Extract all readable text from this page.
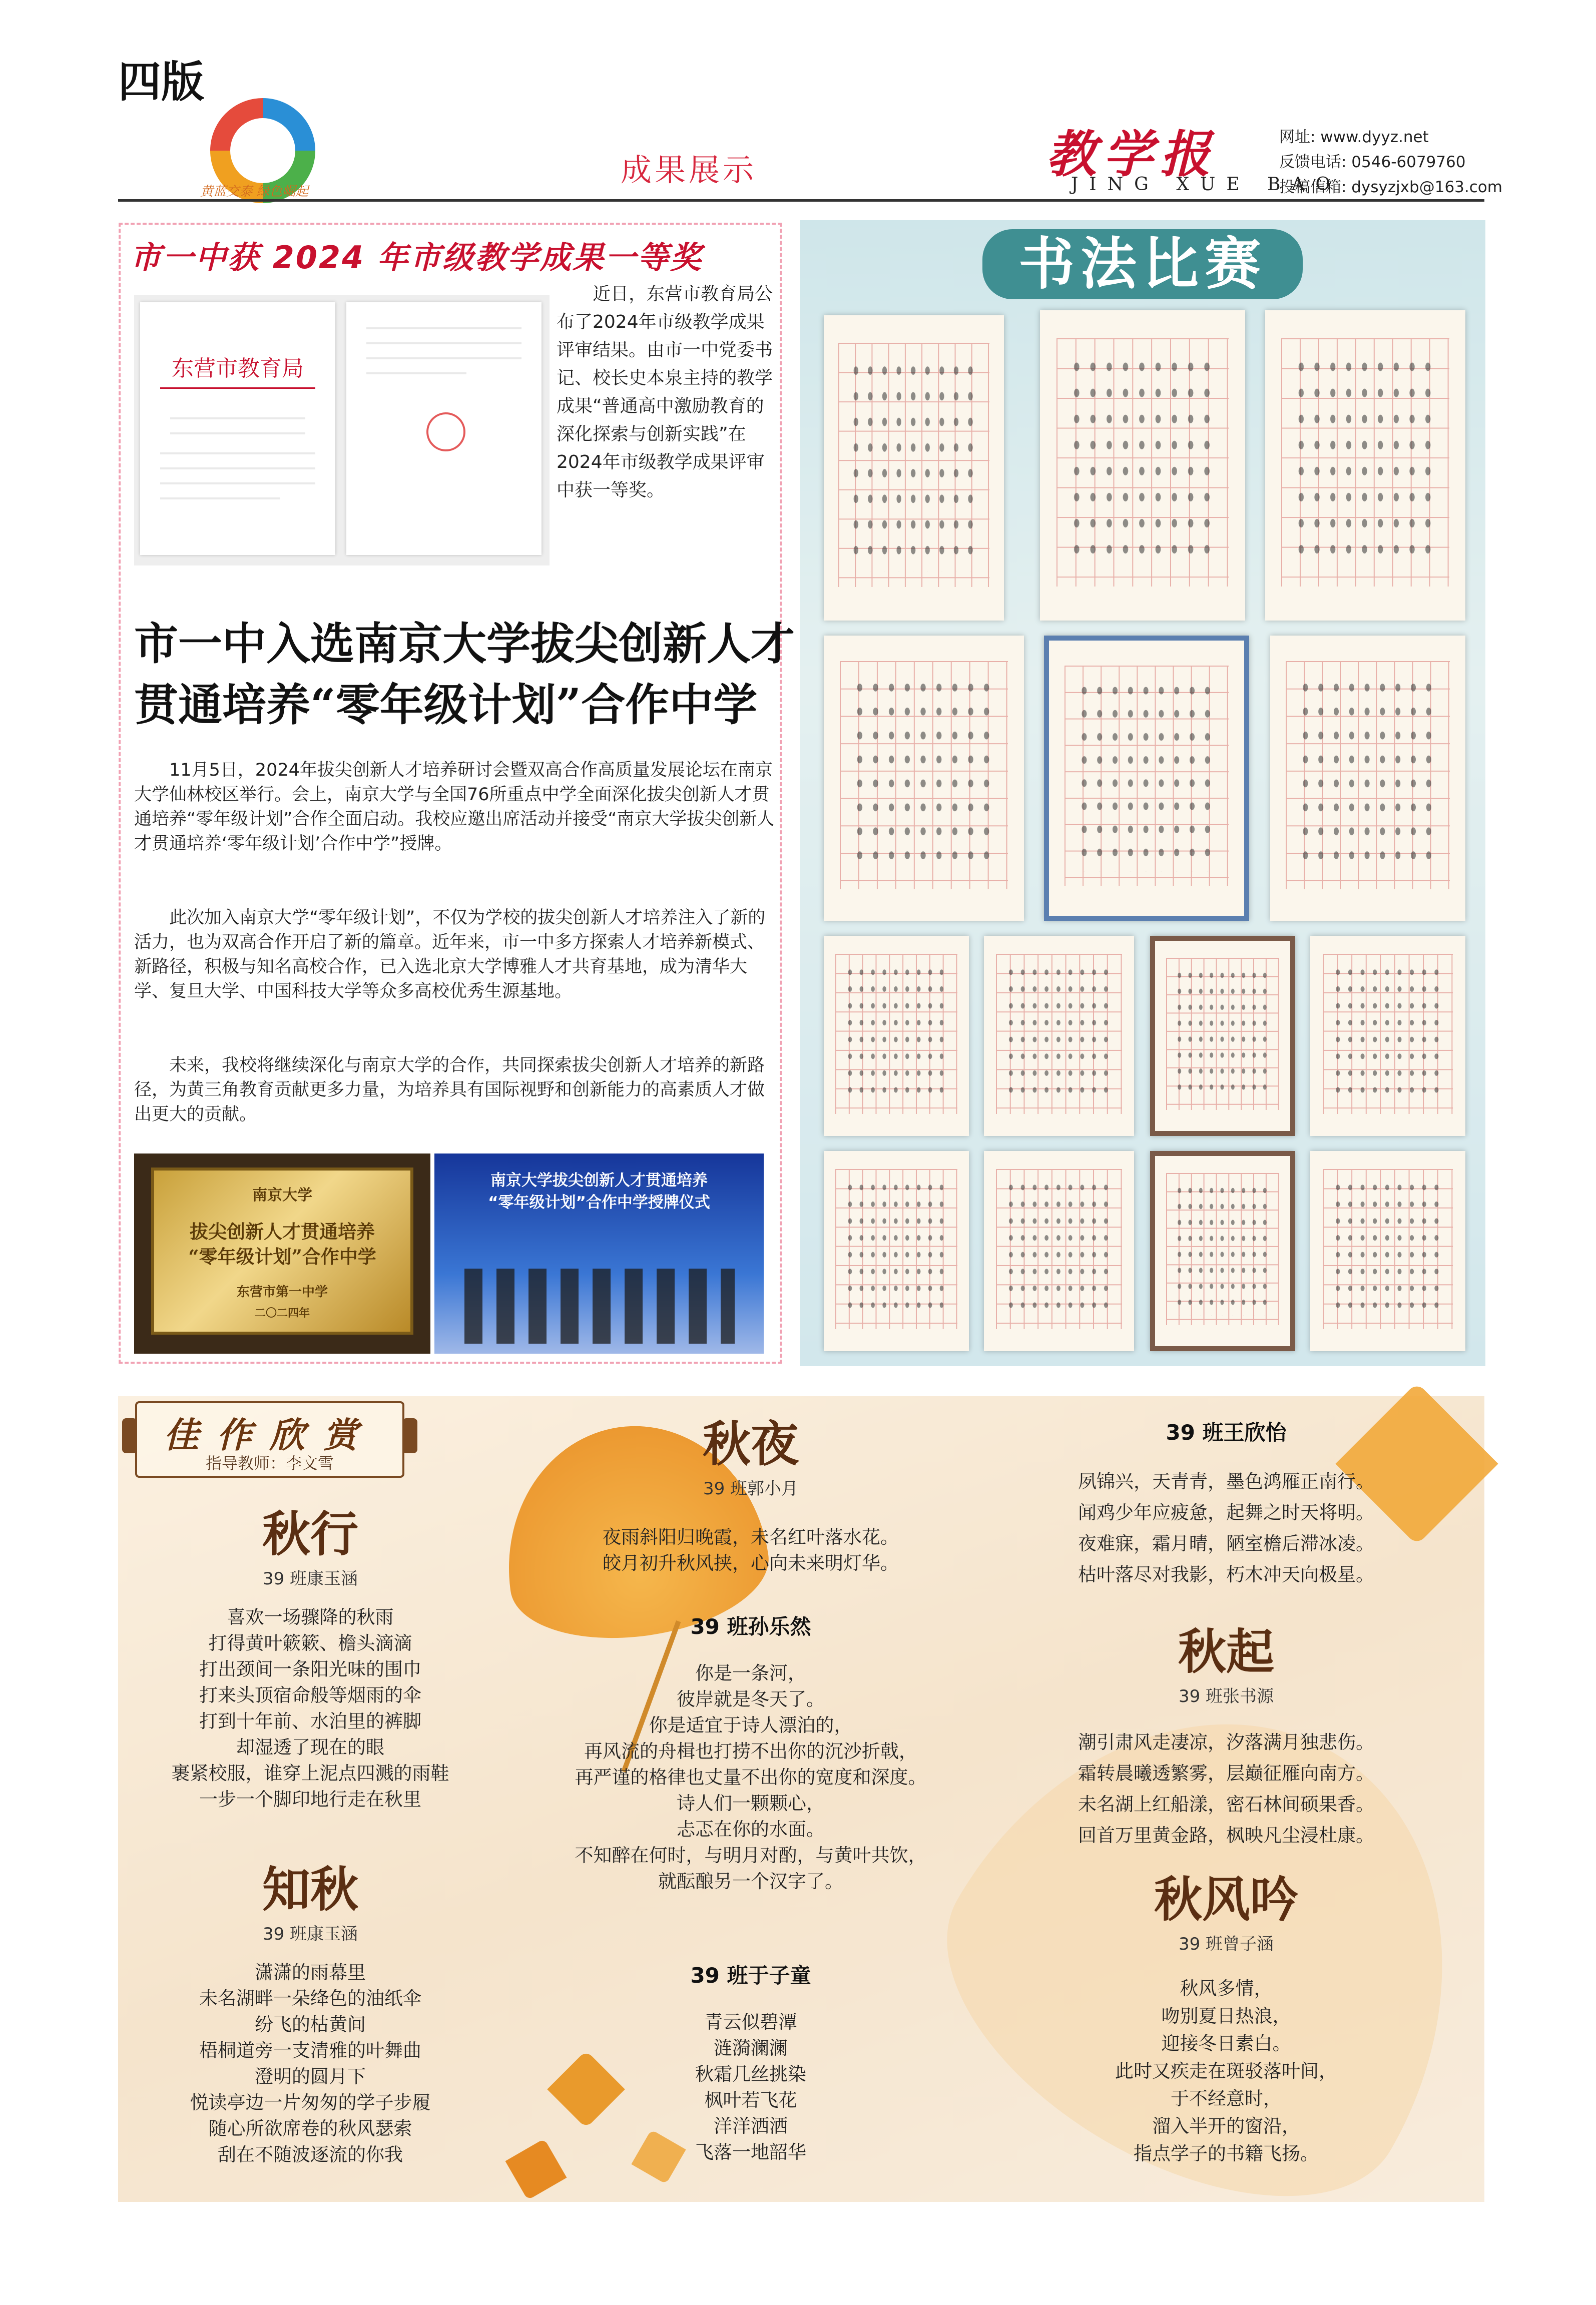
四版
黄蓝交泰 绿色崛起
成果展示	教学报
JING XUE BAO
网址: www.dyyz.net
反馈电话: 0546-6079760
投稿信箱: dysyzjxb@163.com
市一中获 2024 年市级教学成果一等奖
东营市教育局
近日，东营市教育局公布了2024年市级教学成果评审结果。由市一中党委书记、校长史本泉主持的教学成果“普通高中激励教育的深化探索与创新实践”在2024年市级教学成果评审中获一等奖。
市一中入选南京大学拔尖创新人才
贯通培养“零年级计划”合作中学
11月5日，2024年拔尖创新人才培养研讨会暨双高合作高质量发展论坛在南京大学仙林校区举行。会上，南京大学与全国76所重点中学全面深化拔尖创新人才贯通培养“零年级计划”合作全面启动。我校应邀出席活动并接受“南京大学拔尖创新人才贯通培养‘零年级计划’合作中学”授牌。
此次加入南京大学“零年级计划”，不仅为学校的拔尖创新人才培养注入了新的活力，也为双高合作开启了新的篇章。近年来，市一中多方探索人才培养新模式、新路径，积极与知名高校合作，已入选北京大学博雅人才共育基地，成为清华大学、复旦大学、中国科技大学等众多高校优秀生源基地。
未来，我校将继续深化与南京大学的合作，共同探索拔尖创新人才培养的新路径，为黄三角教育贡献更多力量，为培养具有国际视野和创新能力的高素质人才做出更大的贡献。
南京大学
拔尖创新人才贯通培养
“零年级计划”合作中学
东营市第一中学
二〇二四年
南京大学拔尖创新人才贯通培养
“零年级计划”合作中学授牌仪式
书法比赛
佳作欣赏
指导教师：李文雪
秋行
39 班康玉涵
喜欢一场骤降的秋雨
打得黄叶簌簌、檐头滴滴
打出颈间一条阳光味的围巾
打来头顶宿命般等烟雨的伞
打到十年前、水泊里的裤脚
却湿透了现在的眼
裹紧校服，谁穿上泥点四溅的雨鞋
一步一个脚印地行走在秋里
知秋
39 班康玉涵
潇潇的雨幕里
未名湖畔一朵绛色的油纸伞
纷飞的枯黄间
梧桐道旁一支清雅的叶舞曲
澄明的圆月下
悦读亭边一片匆匆的学子步履
随心所欲席卷的秋风瑟索
刮在不随波逐流的你我
秋夜
39 班郭小月
夜雨斜阳归晚霞，未名红叶落水花。
皎月初升秋风挟，心向未来明灯华。
39 班孙乐然
你是一条河，
彼岸就是冬天了。
你是适宜于诗人漂泊的，
再风流的舟楫也打捞不出你的沉沙折戟，
再严谨的格律也丈量不出你的宽度和深度。
诗人们一颗颗心，
忐忑在你的水面。
不知醉在何时，与明月对酌，与黄叶共饮，
就酝酿另一个汉字了。
39 班于子童
青云似碧潭
涟漪澜澜
秋霜几丝挑染
枫叶若飞花
洋洋洒洒
飞落一地韶华
39 班王欣怡
夙锦兴，天青青，墨色鸿雁正南行。
闻鸡少年应疲惫，起舞之时天将明。
夜难寐，霜月晴，陋室檐后滞冰凌。
枯叶落尽对我影，朽木冲天向极星。
秋起
39 班张书源
潮引肃风走凄凉，汐落满月独悲伤。
霜转晨曦透繁雾，层巅征雁向南方。
未名湖上红船漾，密石林间硕果香。
回首万里黄金路，枫映凡尘浸杜康。
秋风吟
39 班曾子涵
秋风多情，
吻别夏日热浪，
迎接冬日素白。
此时又疾走在斑驳落叶间，
于不经意时，
溜入半开的窗沿，
指点学子的书籍飞扬。
